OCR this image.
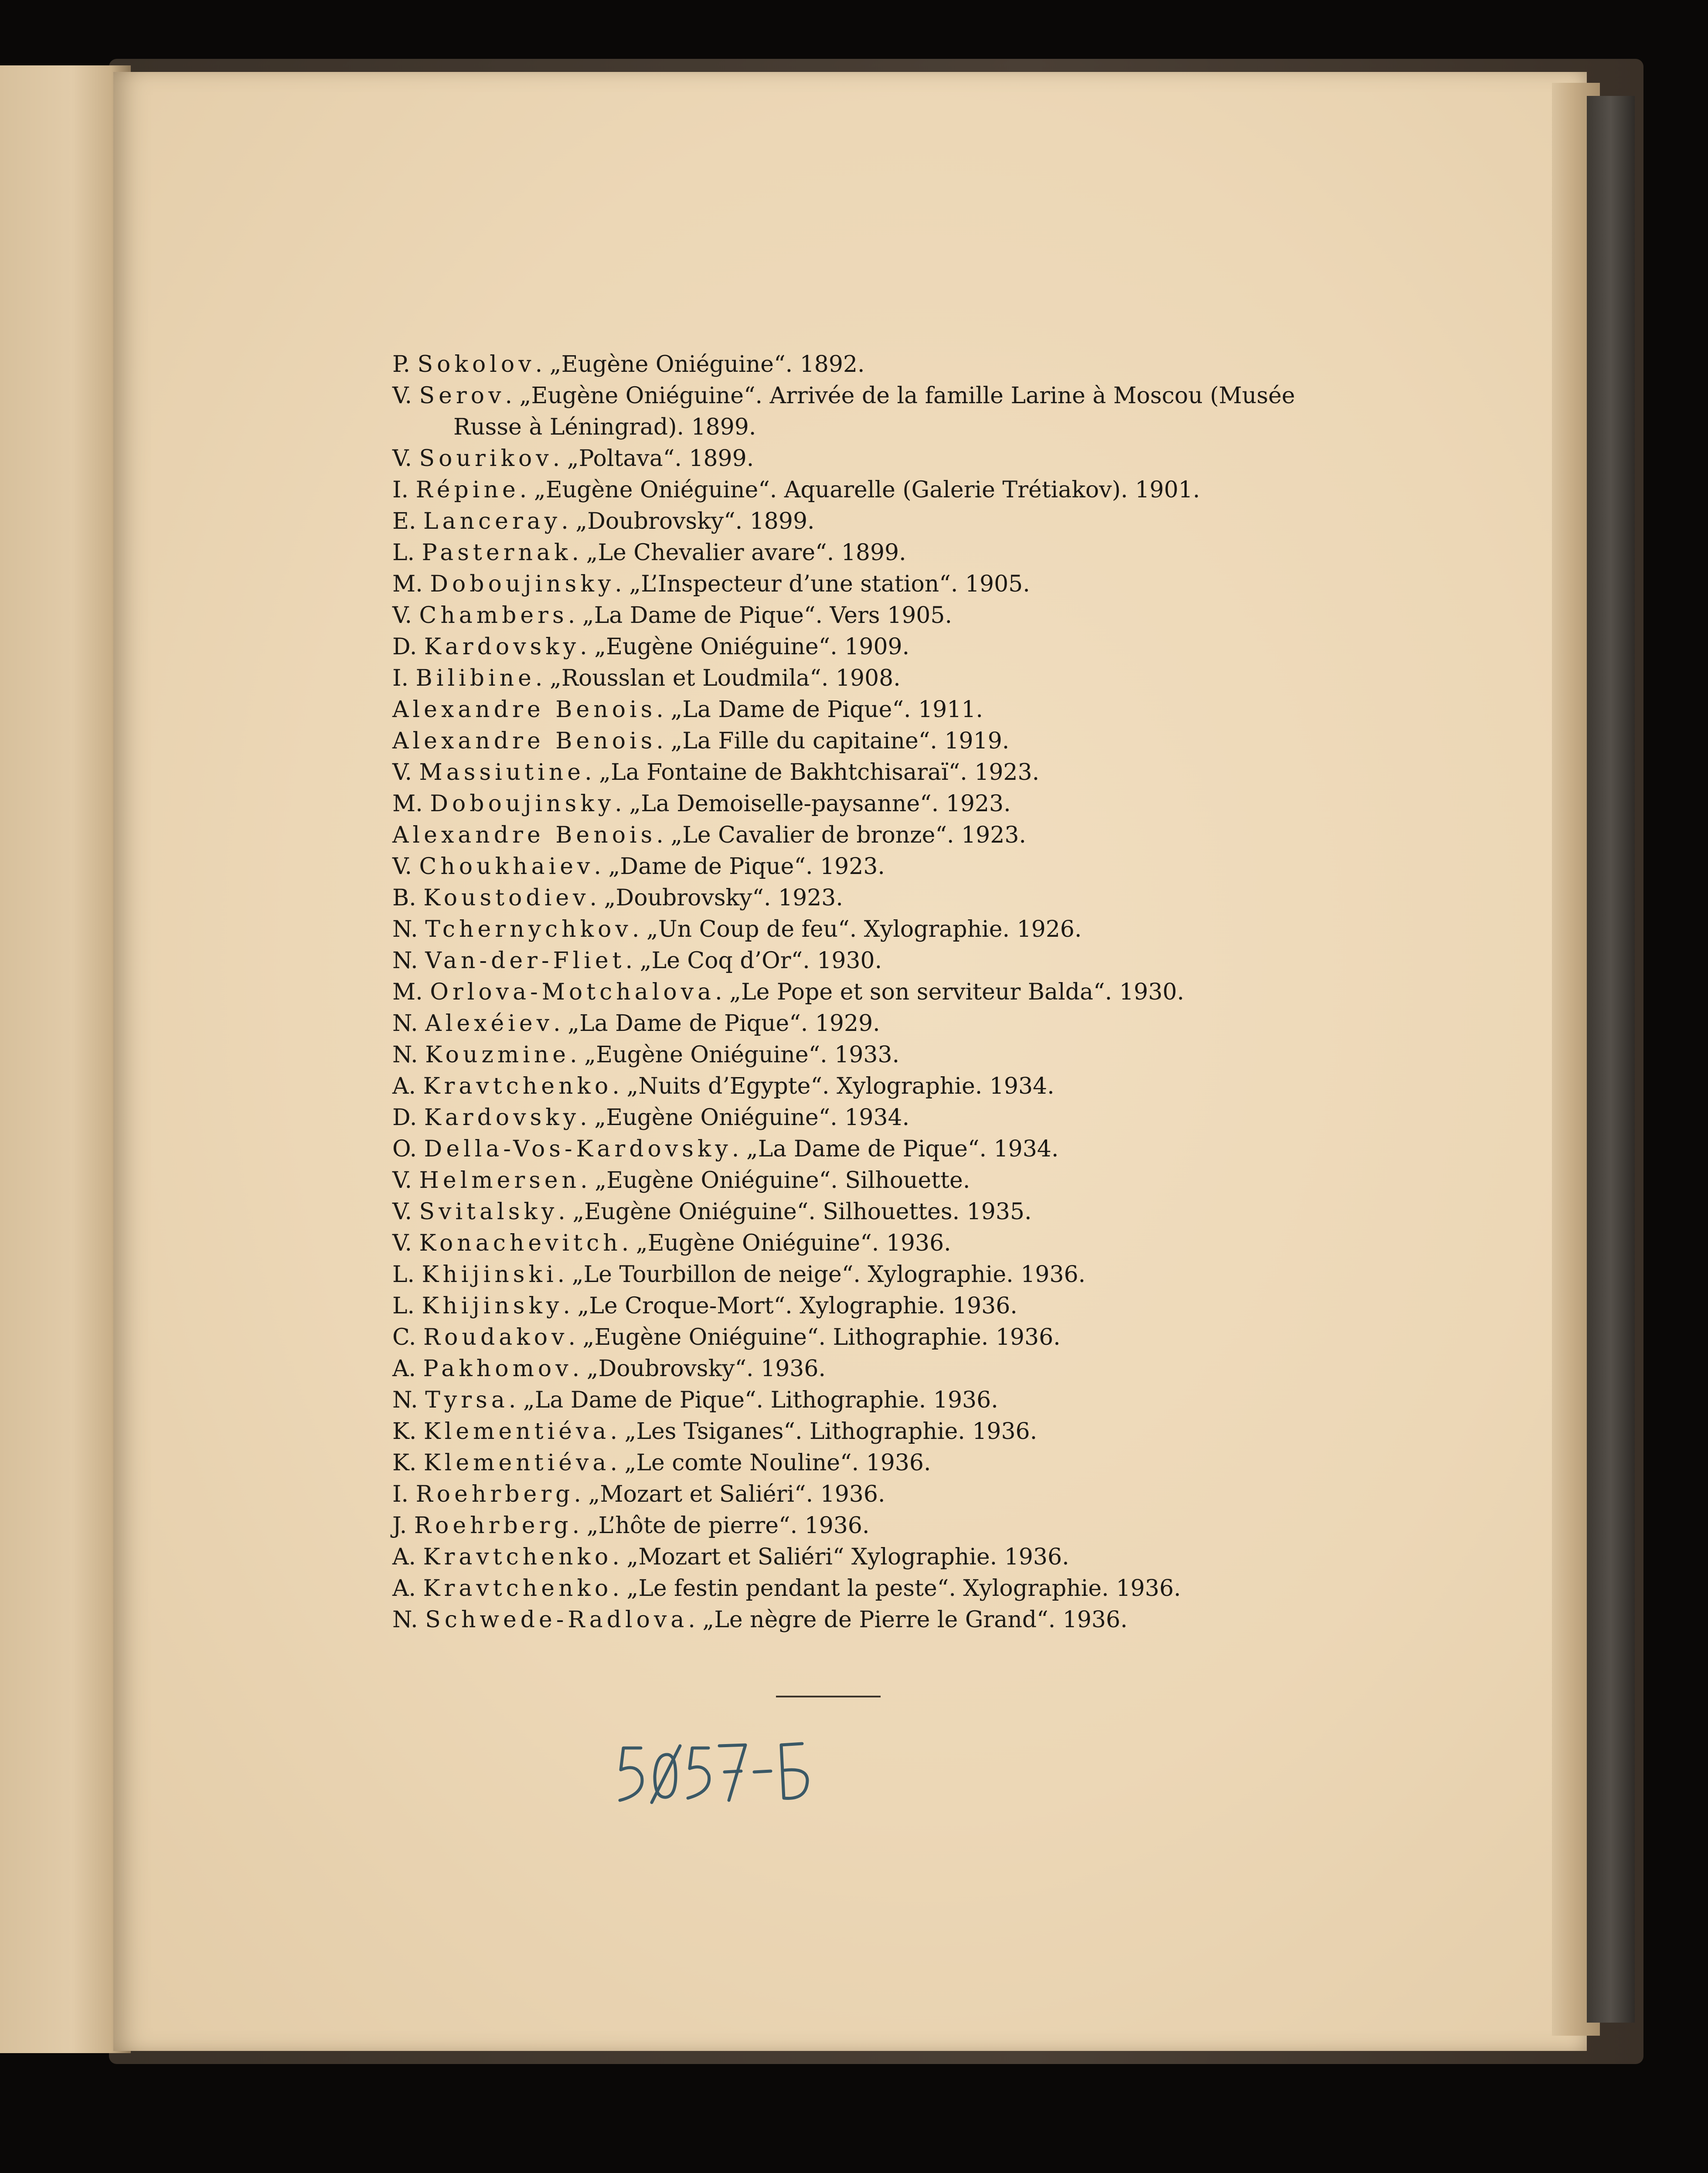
P. Sokolov. „Eugène Oniéguine“. 1892.

V. Serov. „Eugène Oniéguine“. Arrivée de la famille Larine à Moscou (Musée Russe à Léningrad). 1899.

V. Sourikov. „Poltava“. 1899.

I. Répine. „Eugène Oniéguine“. Aquarelle (Galerie Trétiakov). 1901.

E. Lanceray. „Doubrovsky“. 1899.

L. Pasternak. „Le Chevalier avare“. 1899.

M. Doboujinsky. „L’Inspecteur d’une station“. 1905.

V. Chambers. „La Dame de Pique“. Vers 1905.

D. Kardovsky. „Eugène Oniéguine“. 1909.

I. Bilibine. „Rousslan et Loudmila“. 1908.

Alexandre Benois. „La Dame de Pique“. 1911.

Alexandre Benois. „La Fille du capitaine“. 1919.

V. Massiutine. „La Fontaine de Bakhtchisaraï“. 1923.

M. Doboujinsky. „La Demoiselle-paysanne“. 1923.

Alexandre Benois. „Le Cavalier de bronze“. 1923.

V. Choukhaiev. „Dame de Pique“. 1923.

B. Koustodiev. „Doubrovsky“. 1923.

N. Tchernychkov. „Un Coup de feu“. Xylographie. 1926.

N. Van-der-Fliet. „Le Coq d’Or“. 1930.

M. Orlova-Motchalova. „Le Pope et son serviteur Balda“. 1930.

N. Alexéiev. „La Dame de Pique“. 1929.

N. Kouzmine. „Eugène Oniéguine“. 1933.

A. Kravtchenko. „Nuits d’Egypte“. Xylographie. 1934.

D. Kardovsky. „Eugène Oniéguine“. 1934.

O. Della-Vos-Kardovsky. „La Dame de Pique“. 1934.

V. Helmersen. „Eugène Oniéguine“. Silhouette.

V. Svitalsky. „Eugène Oniéguine“. Silhouettes. 1935.

V. Konachevitch. „Eugène Oniéguine“. 1936.

L. Khijinski. „Le Tourbillon de neige“. Xylographie. 1936.

L. Khijinsky. „Le Croque-Mort“. Xylographie. 1936.

C. Roudakov. „Eugène Oniéguine“. Lithographie. 1936.

A. Pakhomov. „Doubrovsky“. 1936.

N. Tyrsa. „La Dame de Pique“. Lithographie. 1936.

K. Klementiéva. „Les Tsiganes“. Lithographie. 1936.

K. Klementiéva. „Le comte Nouline“. 1936.

I. Roehrberg. „Mozart et Saliéri“. 1936.

J. Roehrberg. „L’hôte de pierre“. 1936.

A. Kravtchenko. „Mozart et Saliéri“ Xylographie. 1936.

A. Kravtchenko. „Le festin pendant la peste“. Xylographie. 1936.

N. Schwede-Radlova. „Le nègre de Pierre le Grand“. 1936.
